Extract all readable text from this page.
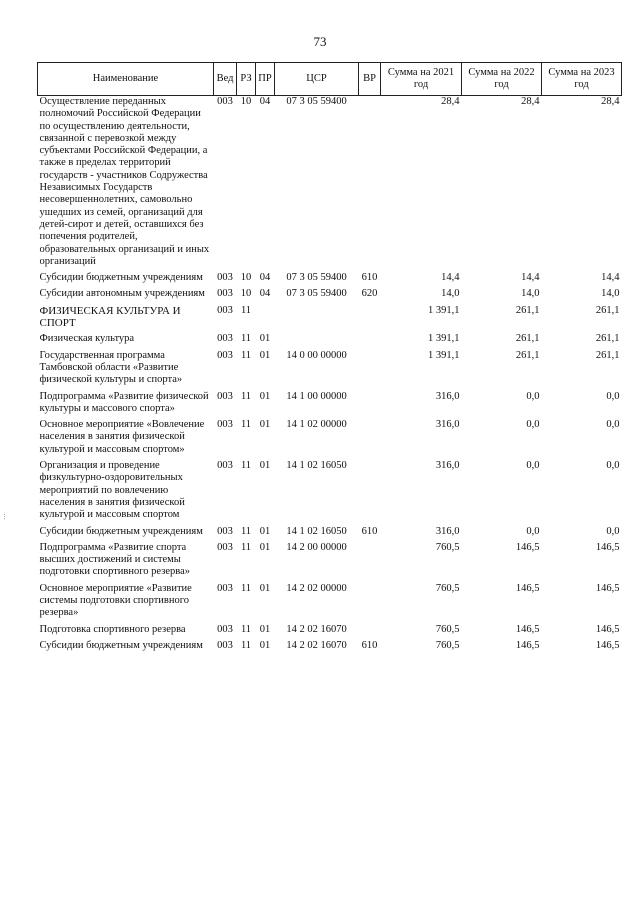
73
…
Наименование	Вед	РЗ	ПР	ЦСР	ВР	Сумма на 2021 год	Сумма на 2022 год	Сумма на 2023 год
Осуществление переданных полномочий Российской Федерации по осуществлению деятельности, связанной с перевозкой между субъектами Российской Федерации, а также в пределах территорий государств - участников Содружества Независимых Государств несовершеннолетних, самовольно ушедших из семей, организаций для детей-сирот и детей, оставшихся без попечения родителей, образовательных организаций и иных организаций	003	10	04	07 3 05 59400		28,4	28,4	28,4
Субсидии бюджетным учреждениям	003	10	04	07 3 05 59400	610	14,4	14,4	14,4
Субсидии автономным учреждениям	003	10	04	07 3 05 59400	620	14,0	14,0	14,0
ФИЗИЧЕСКАЯ КУЛЬТУРА И СПОРТ	003	11				1 391,1	261,1	261,1
Физическая культура	003	11	01			1 391,1	261,1	261,1
Государственная программа Тамбовской области «Развитие физической культуры и спорта»	003	11	01	14 0 00 00000		1 391,1	261,1	261,1
Подпрограмма «Развитие физической культуры и массового спорта»	003	11	01	14 1 00 00000		316,0	0,0	0,0
Основное мероприятие «Вовлечение населения в занятия физической культурой и массовым спортом»	003	11	01	14 1 02 00000		316,0	0,0	0,0
Организация и проведение физкультурно-оздоровительных мероприятий по вовлечению населения в занятия физической культурой и массовым спортом	003	11	01	14 1 02 16050		316,0	0,0	0,0
Субсидии бюджетным учреждениям	003	11	01	14 1 02 16050	610	316,0	0,0	0,0
Подпрограмма «Развитие спорта высших достижений и системы подготовки спортивного резерва»	003	11	01	14 2 00 00000		760,5	146,5	146,5
Основное мероприятие «Развитие системы подготовки спортивного резерва»	003	11	01	14 2 02 00000		760,5	146,5	146,5
Подготовка спортивного резерва	003	11	01	14 2 02 16070		760,5	146,5	146,5
Субсидии бюджетным учреждениям	003	11	01	14 2 02 16070	610	760,5	146,5	146,5
